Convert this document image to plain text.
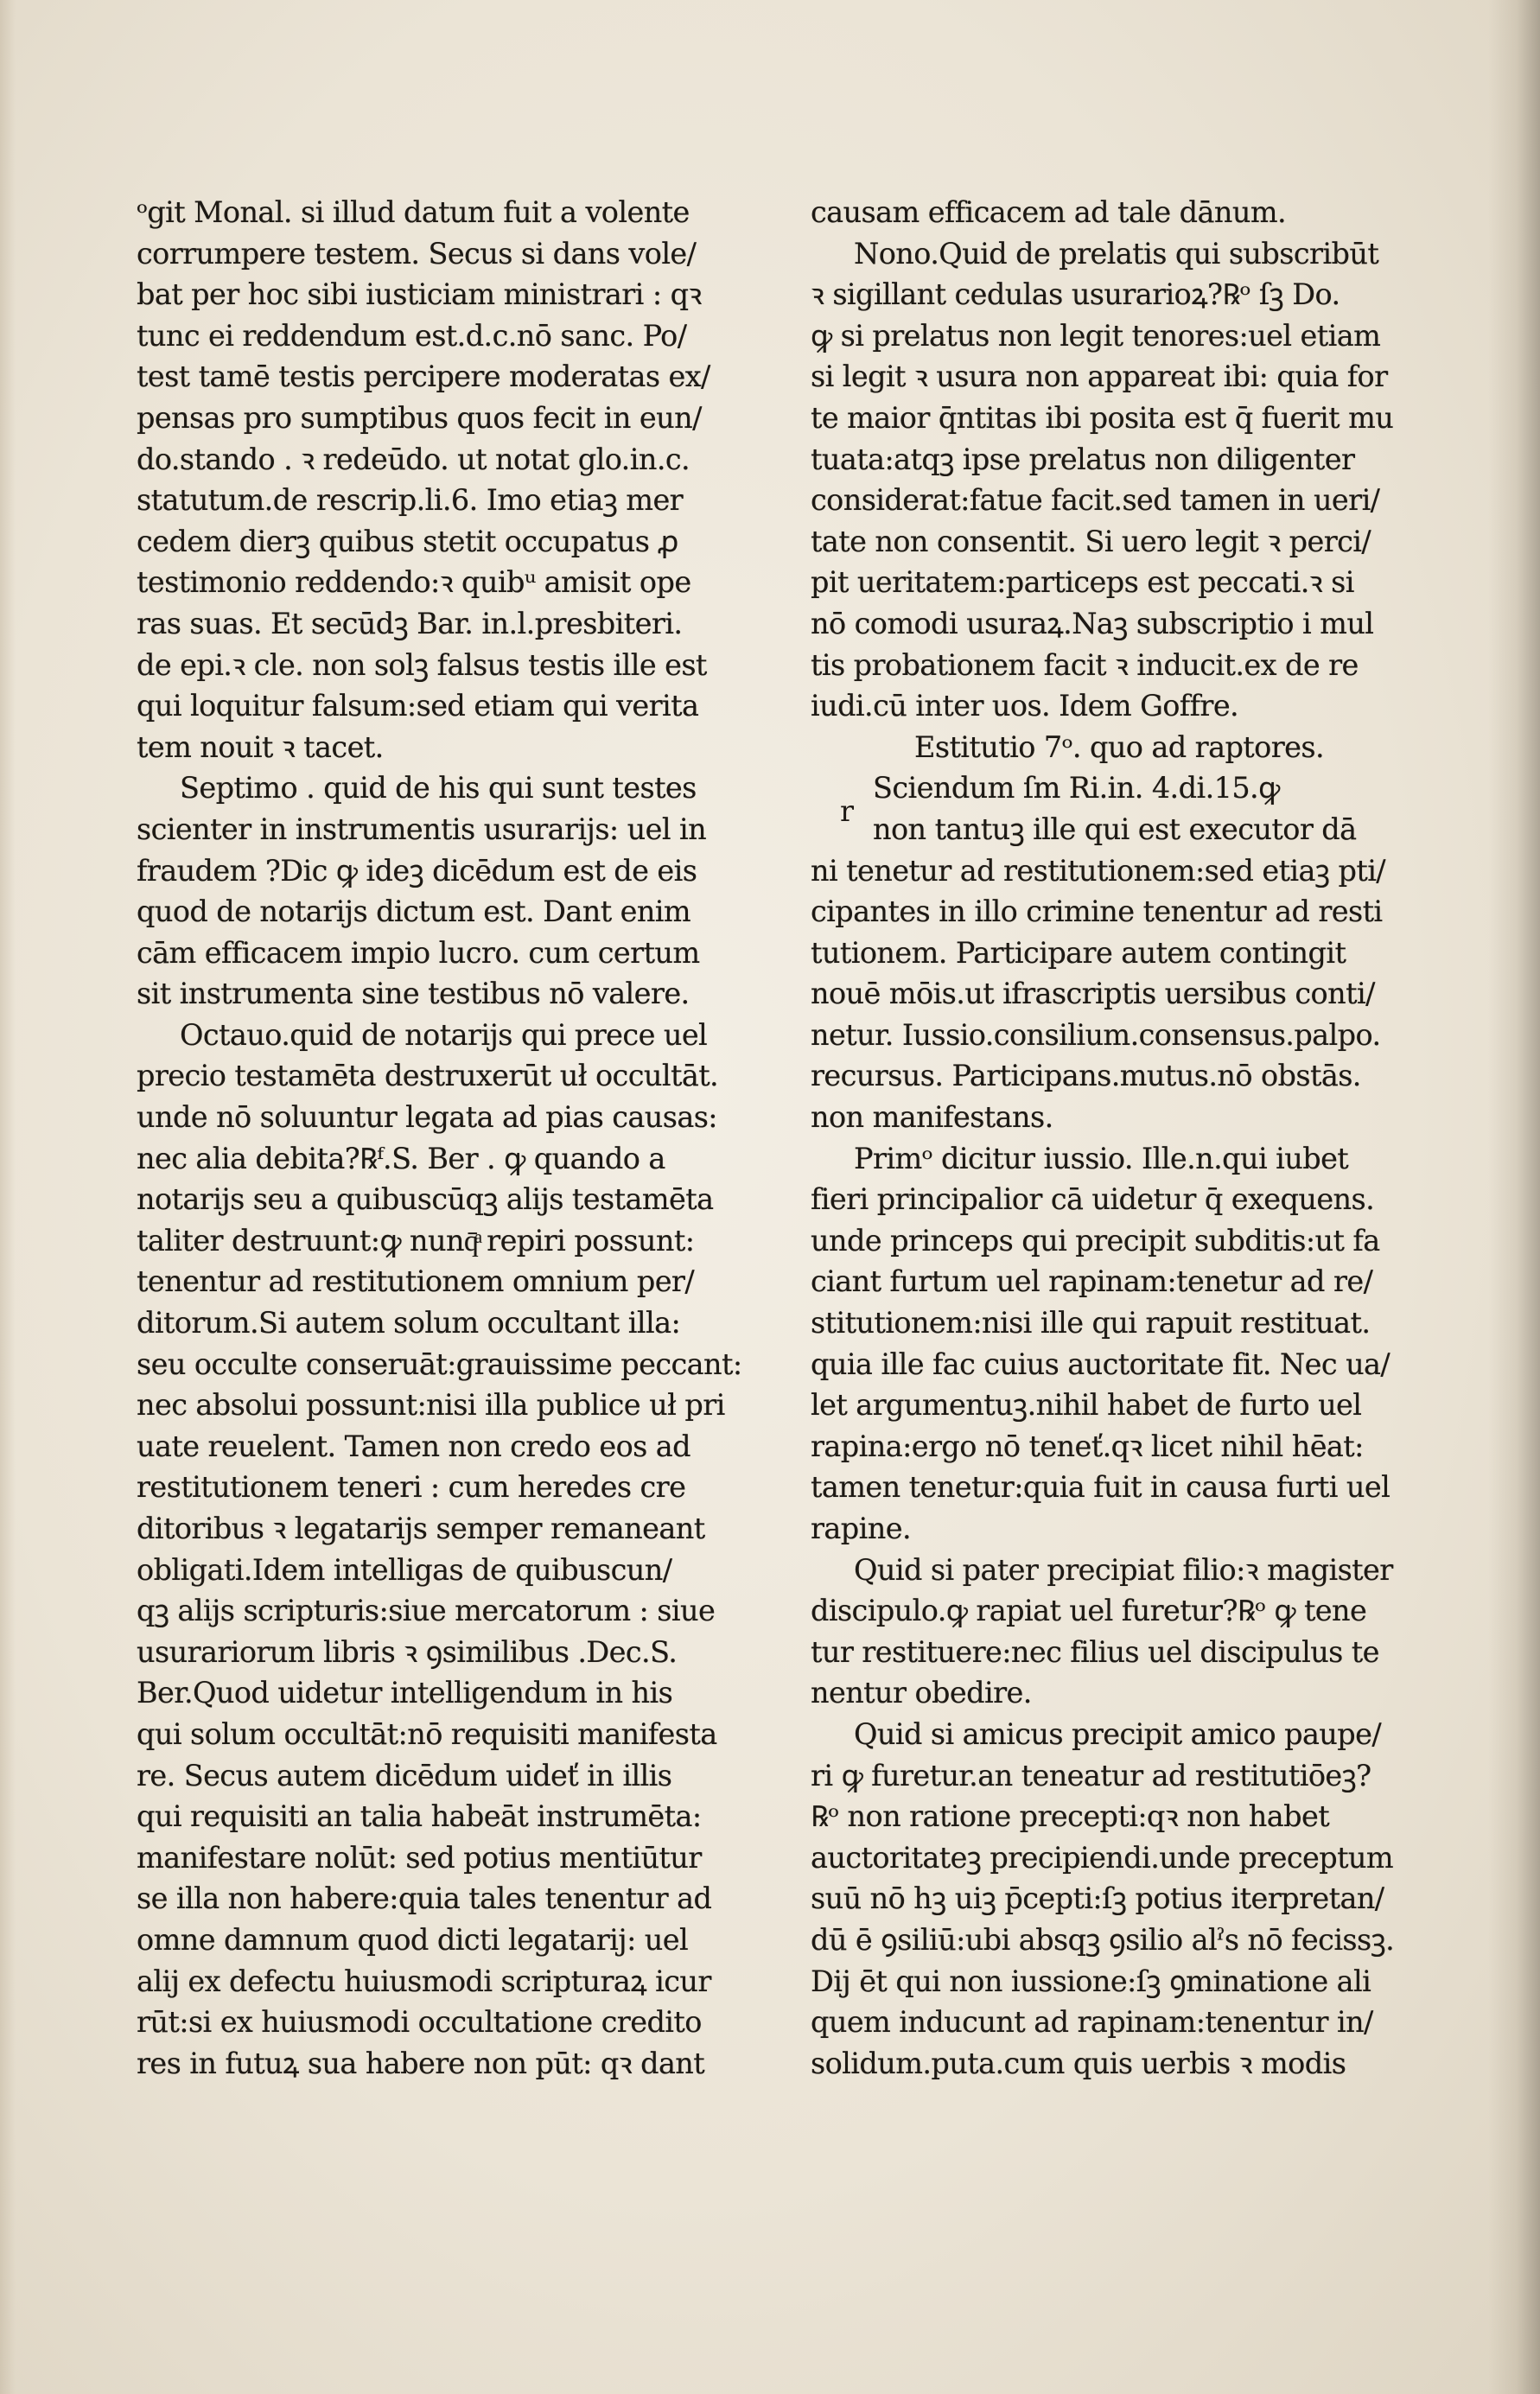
ᵒgit Monal. si illud datum fuit a volente
corrumpere testem. Secus si dans vole/
bat per hoc sibi iusticiam ministrari : qꝛ
tunc ei reddendum est.d.c.nō sanc. Po/
test tamē testis percipere moderatas ex/
pensas pro sumptibus quos fecit in eun/
do.stando . ꝛ redeūdo. ut notat glo.in.c.
statutum.de rescrip.li.6. Imo etiaꝫ mer
cedem dierꝫ quibus stetit occupatus ꝓ
testimonio reddendo:ꝛ quibᵘ amisit ope
ras suas. Et secūdꝫ Bar. in.l.presbiteri.
de epi.ꝛ cle. non solꝫ falsus testis ille est
qui loquitur falsum:sed etiam qui verita
tem nouit ꝛ tacet.
Septimo . quid de his qui sunt testes
scienter in instrumentis usurarijs: uel in
fraudem ?Dic ꝙ ideꝫ dicēdum est de eis
quod de notarijs dictum est. Dant enim
cām efficacem impio lucro. cum certum
sit instrumenta sine testibus nō valere.
Octauo.quid de notarijs qui prece uel
precio testamēta destruxerūt uł occultāt.
unde nō soluuntur legata ad pias causas:
nec alia debita?℞ᶠ.S. Ber . ꝙ quando a
notarijs seu a quibuscūqꝫ alijs testamēta
taliter destruunt:ꝙ nunq̄ͣ repiri possunt:
tenentur ad restitutionem omnium per/
ditorum.Si autem solum occultant illa:
seu occulte conseruāt:grauissime peccant:
nec absolui possunt:nisi illa publice uł pri
uate reuelent. Tamen non credo eos ad
restitutionem teneri : cum heredes cre
ditoribus ꝛ legatarijs semper remaneant
obligati.Idem intelligas de quibuscun/
qꝫ alijs scripturis:siue mercatorum : siue
usurariorum libris ꝛ ꝯsimilibus .Dec.S.
Ber.Quod uidetur intelligendum in his
qui solum occultāt:nō requisiti manifesta
re. Secus autem dicēdum uideť in illis
qui requisiti an talia habeāt instrumēta:
manifestare nolūt: sed potius mentiūtur
se illa non habere:quia tales tenentur ad
omne damnum quod dicti legatarij: uel
alij ex defectu huiusmodi scripturaꝝ icur
rūt:si ex huiusmodi occultatione credito
res in futuꝝ sua habere non pūt: qꝛ dant
causam efficacem ad tale dānum.
Nono.Quid de prelatis qui subscribūt
ꝛ sigillant cedulas usurarioꝝ?℞ᵒ ſꝫ Do.
ꝙ si prelatus non legit tenores:uel etiam
si legit ꝛ usura non appareat ibi: quia for
te maior q̄ntitas ibi posita est q̄ fuerit mu
tuata:atqꝫ ipse prelatus non diligenter
considerat:fatue facit.sed tamen in ueri/
tate non consentit. Si uero legit ꝛ perci/
pit ueritatem:particeps est peccati.ꝛ si
nō comodi usuraꝝ.Naꝫ subscriptio i mul
tis probationem facit ꝛ inducit.ex de re
iudi.cū inter uos. Idem Goffre.
Estitutio 7ᵒ. quo ad raptores.
Sciendum ſm Ri.in. 4.di.15.ꝙ
non tantuꝫ ille qui est executor dā
ni tenetur ad restitutionem:sed etiaꝫ pti/
cipantes in illo crimine tenentur ad resti
tutionem. Participare autem contingit
nouē mōis.ut ifrascriptis uersibus conti/
netur. Iussio.consilium.consensus.palpo.
recursus. Participans.mutus.nō obstās.
non manifestans.
Primᵒ dicitur iussio. Ille.n.qui iubet
fieri principalior cā uidetur q̄ exequens.
unde princeps qui precipit subditis:ut fa
ciant furtum uel rapinam:tenetur ad re/
stitutionem:nisi ille qui rapuit restituat.
quia ille fac cuius auctoritate fit. Nec ua/
let argumentuꝫ.nihil habet de furto uel
rapina:ergo nō teneť.qꝛ licet nihil hēat:
tamen tenetur:quia fuit in causa furti uel
rapine.
Quid si pater precipiat filio:ꝛ magister
discipulo.ꝙ rapiat uel furetur?℞ᵒ ꝙ tene
tur restituere:nec filius uel discipulus te
nentur obedire.
Quid si amicus precipit amico paupe/
ri ꝙ furetur.an teneatur ad restitutiōeꝫ?
℞ᵒ non ratione precepti:qꝛ non habet
auctoritateꝫ precipiendi.unde preceptum
suū nō hꝫ uiꝫ p̄cepti:ſꝫ potius iterpretan/
dū ē ꝯsiliū:ubi absqꝫ ꝯsilio alˀs nō fecissꝫ.
Dij ēt qui non iussione:ſꝫ ꝯminatione ali
quem inducunt ad rapinam:tenentur in/
solidum.puta.cum quis uerbis ꝛ modis
r
